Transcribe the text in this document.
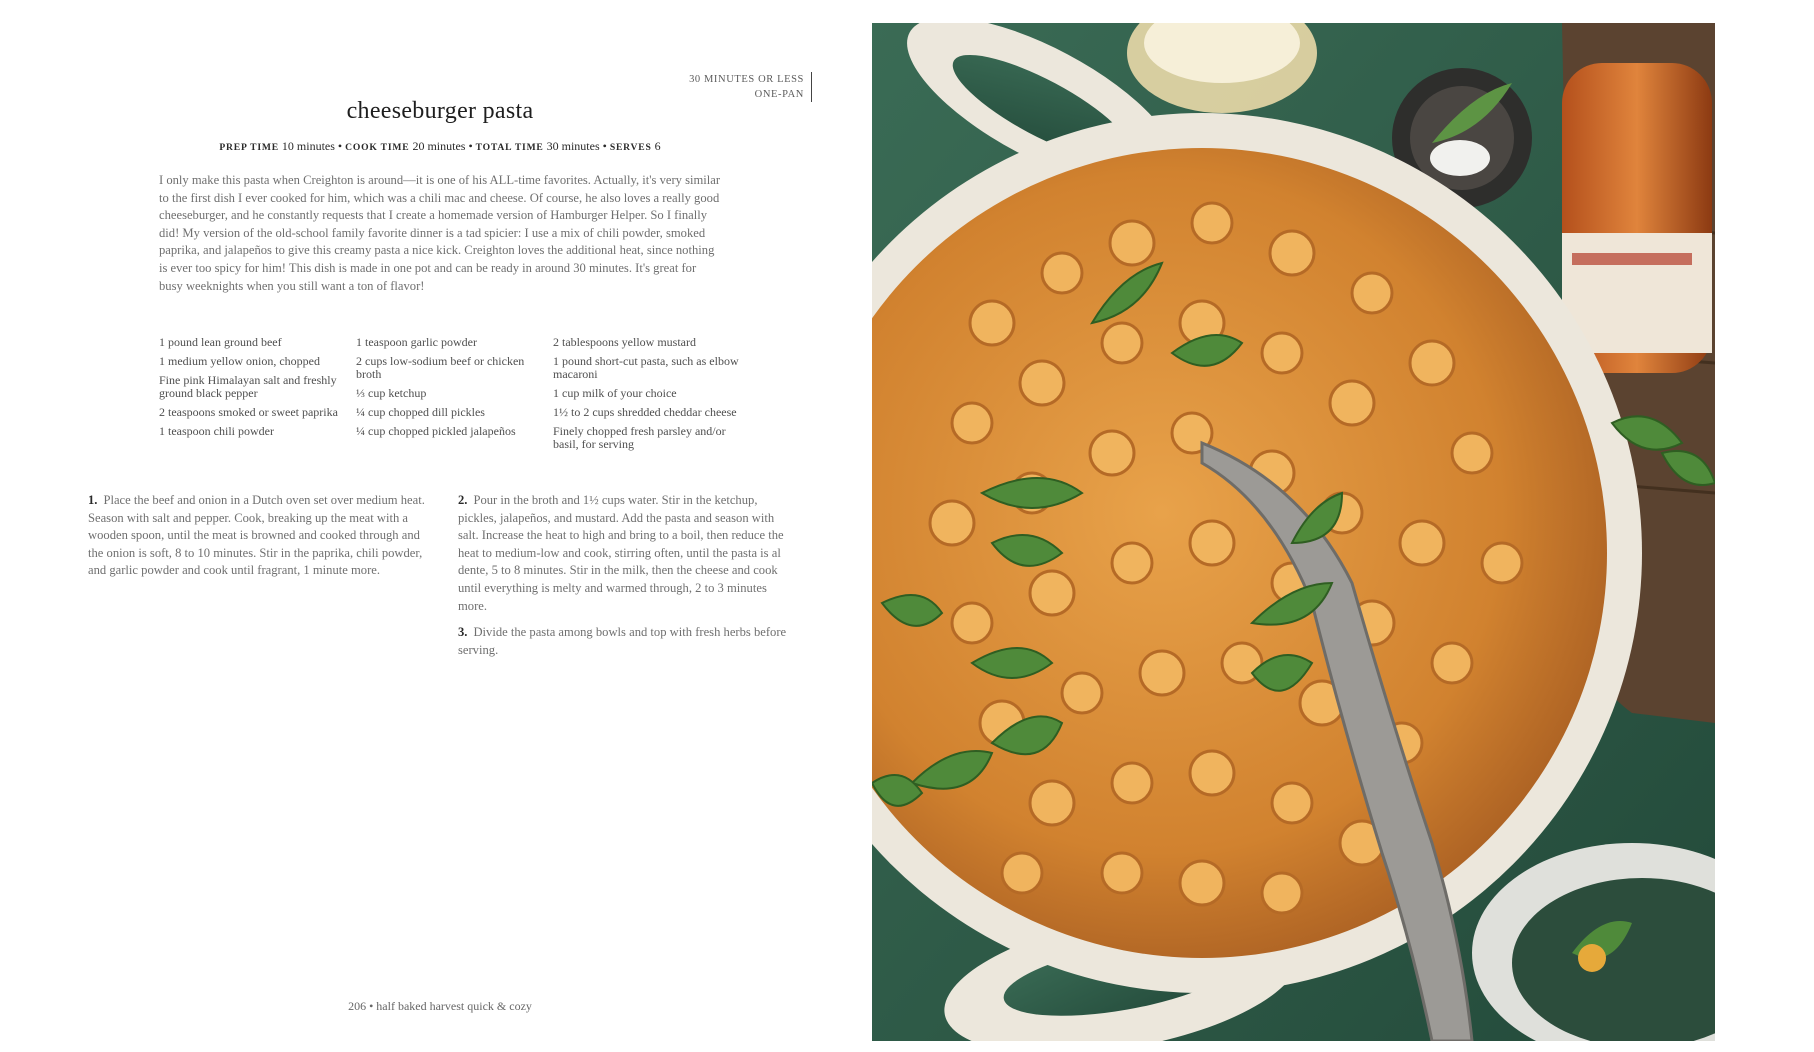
30 MINUTES OR LESS
ONE-PAN
cheeseburger pasta
PREP TIME 10 minutes • COOK TIME 20 minutes • TOTAL TIME 30 minutes • SERVES 6

I only make this pasta when Creighton is around—it is one of his ALL-time favorites. Actually, it's very similar to the first dish I ever cooked for him, which was a chili mac and cheese. Of course, he also loves a really good cheeseburger, and he constantly requests that I create a homemade version of Hamburger Helper. So I finally did! My version of the old-school family favorite dinner is a tad spicier: I use a mix of chili powder, smoked paprika, and jalapeños to give this creamy pasta a nice kick. Creighton loves the additional heat, since nothing is ever too spicy for him! This dish is made in one pot and can be ready in around 30 minutes. It's great for busy weeknights when you still want a ton of flavor!

1 pound lean ground beef

1 medium yellow onion, chopped

Fine pink Himalayan salt and freshly ground black pepper

2 teaspoons smoked or sweet paprika

1 teaspoon chili powder

1 teaspoon garlic powder

2 cups low-sodium beef or chicken broth

⅓ cup ketchup

¼ cup chopped dill pickles

¼ cup chopped pickled jalapeños

2 tablespoons yellow mustard

1 pound short-cut pasta, such as elbow macaroni

1 cup milk of your choice

1½ to 2 cups shredded cheddar cheese

Finely chopped fresh parsley and/or basil, for serving

1. Place the beef and onion in a Dutch oven set over medium heat. Season with salt and pepper. Cook, breaking up the meat with a wooden spoon, until the meat is browned and cooked through and the onion is soft, 8 to 10 minutes. Stir in the paprika, chili powder, and garlic powder and cook until fragrant, 1 minute more.

2. Pour in the broth and 1½ cups water. Stir in the ketchup, pickles, jalapeños, and mustard. Add the pasta and season with salt. Increase the heat to high and bring to a boil, then reduce the heat to medium-low and cook, stirring often, until the pasta is al dente, 5 to 8 minutes. Stir in the milk, then the cheese and cook until everything is melty and warmed through, 2 to 3 minutes more.

3. Divide the pasta among bowls and top with fresh herbs before serving.

206 • half baked harvest quick & cozy
